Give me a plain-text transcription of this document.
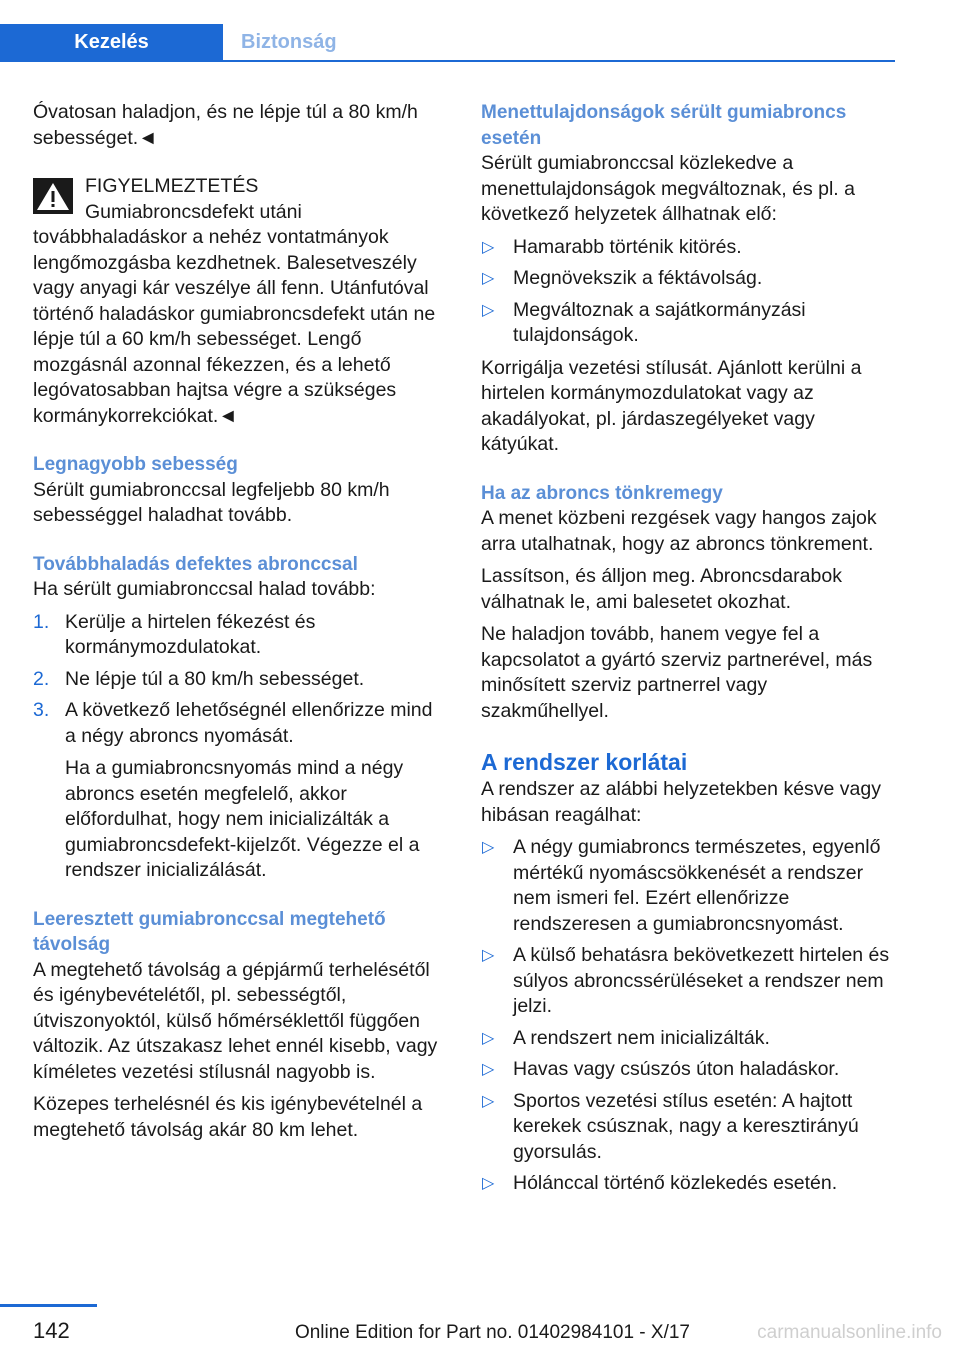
Kezelés	Biztonság

Óvatosan haladjon, és ne lépje túl a 80 km/h sebességet.◄

FIGYELMEZTETÉS

Gumiabroncsdefekt utáni továbbhaladáskor a nehéz vontatmányok lengőmozgásba kezdhetnek. Balesetveszély vagy anyagi kár veszélye áll fenn. Utánfutóval történő haladáskor gumiabroncsdefekt után ne lépje túl a 60 km/h sebességet. Lengő mozgásnál azonnal fékezzen, és a lehető legóvatosabban hajtsa végre a szükséges kormánykorrekciókat.◄

Legnagyobb sebesség

Sérült gumiabronccsal legfeljebb 80 km/h sebességgel haladhat tovább.

Továbbhaladás defektes abronccsal

Ha sérült gumiabronccsal halad tovább:

1. Kerülje a hirtelen fékezést és kormánymozdulatokat.
2. Ne lépje túl a 80 km/h sebességet.
3. A következő lehetőségnél ellenőrizze mind a négy abroncs nyomását.

Ha a gumiabroncsnyomás mind a négy abroncs esetén megfelelő, akkor előfordulhat, hogy nem inicializálták a gumiabroncsdefekt-kijelzőt. Végezze el a rendszer inicializálását.

Leeresztett gumiabronccsal megtehető távolság

A megtehető távolság a gépjármű terhelésétől és igénybevételétől, pl. sebességtől, útviszonyoktól, külső hőmérséklettől függően változik. Az útszakasz lehet ennél kisebb, vagy kíméletes vezetési stílusnál nagyobb is.

Közepes terhelésnél és kis igénybevételnél a megtehető távolság akár 80 km lehet.

Menettulajdonságok sérült gumiabroncs esetén

Sérült gumiabronccsal közlekedve a menettulajdonságok megváltoznak, és pl. a következő helyzetek állhatnak elő:

▷ Hamarabb történik kitörés.
▷ Megnövekszik a féktávolság.
▷ Megváltoznak a sajátkormányzási tulajdonságok.

Korrigálja vezetési stílusát. Ajánlott kerülni a hirtelen kormánymozdulatokat vagy az akadályokat, pl. járdaszegélyeket vagy kátyúkat.

Ha az abroncs tönkremegy

A menet közbeni rezgések vagy hangos zajok arra utalhatnak, hogy az abroncs tönkrement.

Lassítson, és álljon meg. Abroncsdarabok válhatnak le, ami balesetet okozhat.

Ne haladjon tovább, hanem vegye fel a kapcsolatot a gyártó szerviz partnerével, más minősített szerviz partnerrel vagy szakműhellyel.

A rendszer korlátai

A rendszer az alábbi helyzetekben késve vagy hibásan reagálhat:

▷ A négy gumiabroncs természetes, egyenlő mértékű nyomáscsökkenését a rendszer nem ismeri fel. Ezért ellenőrizze rendszeresen a gumiabroncsnyomást.
▷ A külső behatásra bekövetkezett hirtelen és súlyos abroncssérüléseket a rendszer nem jelzi.
▷ A rendszert nem inicializálták.
▷ Havas vagy csúszós úton haladáskor.
▷ Sportos vezetési stílus esetén: A hajtott kerekek csúsznak, nagy a keresztirányú gyorsulás.
▷ Hólánccal történő közlekedés esetén.
142	Online Edition for Part no. 01402984101 - X/17	carmanualsonline.info
